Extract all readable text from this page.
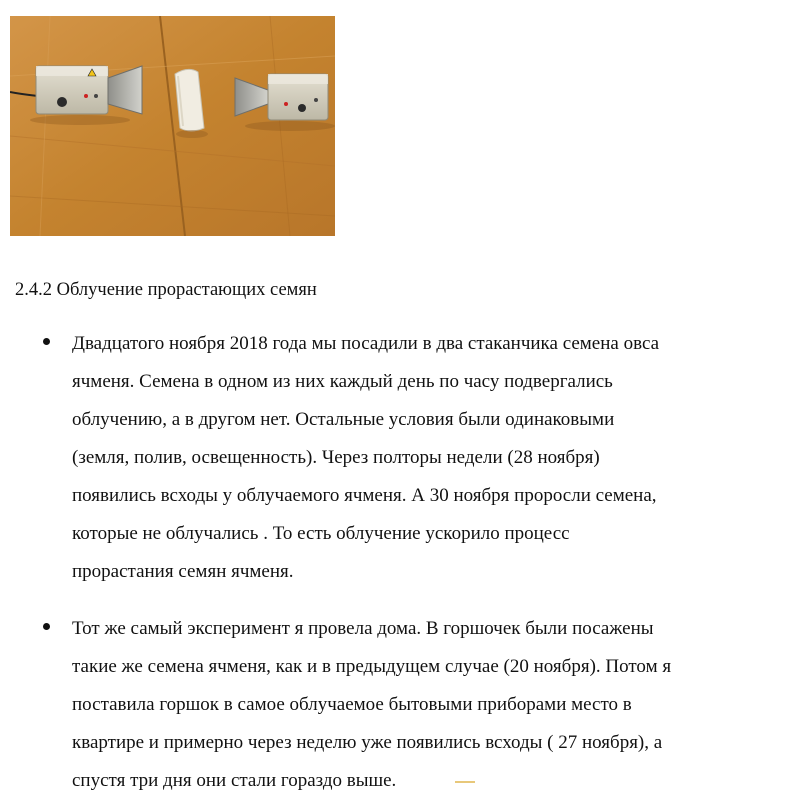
2.4.2 Облучение прорастающих семян
Двадцатого ноября 2018 года мы посадили в два стаканчика семена овса
ячменя. Семена в одном из них каждый день по часу подвергались
облучению, а в другом нет. Остальные условия были одинаковыми
(земля, полив, освещенность). Через полторы недели (28 ноября)
появились всходы у облучаемого ячменя. А 30 ноября проросли семена,
которые не облучались . То есть облучение ускорило процесс
прорастания семян ячменя.
Тот же самый эксперимент я провела дома. В горшочек были посажены
такие же семена ячменя, как и в предыдущем случае (20 ноября). Потом я
поставила горшок в самое облучаемое бытовыми приборами место в
квартире и примерно через неделю уже появились всходы ( 27 ноября), а
спустя три дня они стали гораздо выше.
